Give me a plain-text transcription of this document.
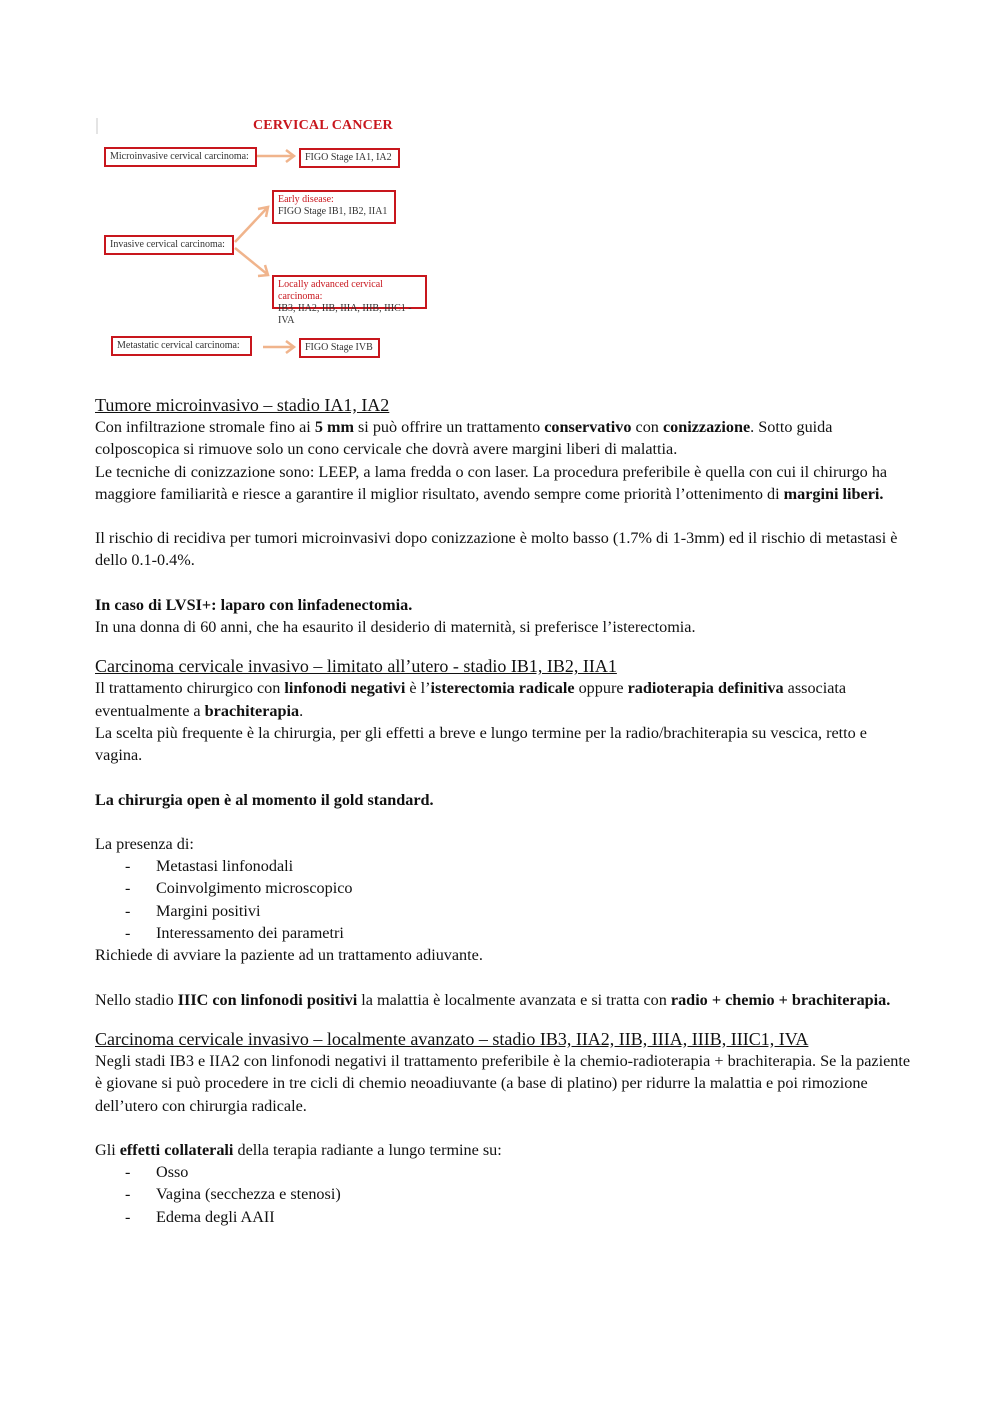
CERVICAL CANCER
Microinvasive cervical carcinoma:	FIGO Stage IA1, IA2
Early disease:
FIGO Stage IB1, IB2, IIA1
Invasive cervical carcinoma:
Locally advanced cervical carcinoma:
IB3, IIA2, IIB, IIIA, IIIB, IIIC1 - IVA
Metastatic cervical carcinoma:	FIGO Stage IVB

Tumore microinvasivo – stadio IA1, IA2

Con infiltrazione stromale fino ai 5 mm si può offrire un trattamento conservativo con conizzazione. Sotto guida colposcopica si rimuove solo un cono cervicale che dovrà avere margini liberi di malattia.

Le tecniche di conizzazione sono: LEEP, a lama fredda o con laser. La procedura preferibile è quella con cui il chirurgo ha maggiore familiarità e riesce a garantire il miglior risultato, avendo sempre come priorità l’ottenimento di margini liberi.

Il rischio di recidiva per tumori microinvasivi dopo conizzazione è molto basso (1.7% di 1-3mm) ed il rischio di metastasi è dello 0.1-0.4%.

In caso di LVSI+: laparo con linfadenectomia.

In una donna di 60 anni, che ha esaurito il desiderio di maternità, si preferisce l’isterectomia.

Carcinoma cervicale invasivo – limitato all’utero - stadio IB1, IB2, IIA1

Il trattamento chirurgico con linfonodi negativi è l’isterectomia radicale oppure radioterapia definitiva associata eventualmente a brachiterapia.

La scelta più frequente è la chirurgia, per gli effetti a breve e lungo termine per la radio/brachiterapia su vescica, retto e vagina.

La chirurgia open è al momento il gold standard.

La presenza di:

- Metastasi linfonodali
- Coinvolgimento microscopico
- Margini positivi
- Interessamento dei parametri

Richiede di avviare la paziente ad un trattamento adiuvante.

Nello stadio IIIC con linfonodi positivi la malattia è localmente avanzata e si tratta con radio + chemio + brachiterapia.

Carcinoma cervicale invasivo – localmente avanzato – stadio IB3, IIA2, IIB, IIIA, IIIB, IIIC1, IVA

Negli stadi IB3 e IIA2 con linfonodi negativi il trattamento preferibile è la chemio-radioterapia + brachiterapia. Se la paziente è giovane si può procedere in tre cicli di chemio neoadiuvante (a base di platino) per ridurre la malattia e poi rimozione dell’utero con chirurgia radicale.

Gli effetti collaterali della terapia radiante a lungo termine su:

- Osso
- Vagina (secchezza e stenosi)
- Edema degli AAII
